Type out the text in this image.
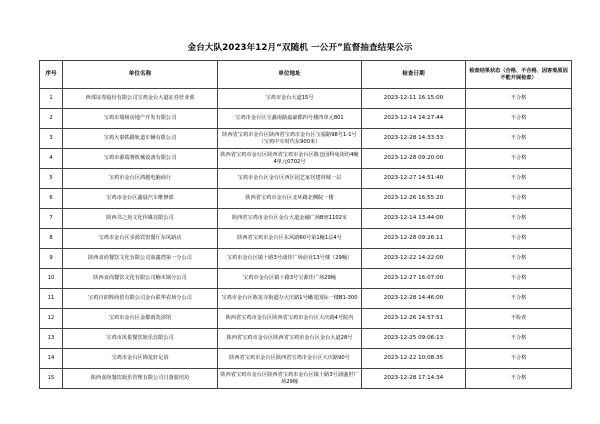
金台大队2023年12月“双随机 一公开”监督抽查结果公示
序号	单位名称	单位地址	检查日期	检查结果状态（合格、不合格、因客观原因不能开展检查）
1	西部证券股份有限公司宝鸡金台大道证券营业部	宝鸡市金台大道15号	2023-12-11 16:15:00	不合格
2	宝鸡市瑞杨房地产开发有限公司	宝鸡市金台区宝蠡南路嘉豪郡四号楼四单元801	2023-12-14 14:27:44	不合格
3	宝鸡大秦铁路轨道车辆有限公司	陕西省宝鸡市金台区陕西省宝鸡市金台区宝福路98号1-1号（宝鸡中车时代东900米）	2023-12-28 14:33:33	不合格
4	宝鸡市源瑞赛机械设备有限公司	陕西省宝鸡市金台区陕西省宝鸡市金台区陈仓园科兔街坊4幢4单元0702号	2023-12-28 09:20:00	不合格
5	宝鸡市金台区鸿越电脑商行	宝鸡市金台区金台区西区园艺家居建材城一层	2023-12-27 14:51:40	不合格
6	宝鸡市金台区鑫晨汽车维修部	陕西省宝鸡市金台区北环路北侧院一楼	2023-12-26 16:55:20	不合格
7	陕西书之苑文化传媒有限公司	陕西省宝鸡市金台区金台大道金融广场B座1102室	2023-12-14 13:44:00	不合格
8	宝鸡市金台区步源宾馆餐厅东风路店	陕西省宝鸡市金台区东风路60号第1幢1层4号	2023-12-28 09:26:11	不合格
9	陕西食尚餐饮文化有限公司血鑫湾第一分公司	宝鸡市金台区镇十路3号浦佳广场前业13号楼（29幢）	2023-12-22 14:22:00	不合格
10	陕西食尚餐饮文化有限公司楠木锅分公司	宝鸡市金台区镇十路3号宝源佳广场29幢	2023-12-27 16:07:00	不合格
11	宝鸡百润辉商贸有限公司金台联华农场分公司	宝鸡市金台区陈龙寺街道办大庆路1号蟠龙国际一楼B1-300	2023-12-28 14:46:00	不合格
12	宝鸡市金台区金都雨洗浴馆	陕西省宝鸡市金台区陕西省宝鸡市金台区大庆路4号院内	2023-12-26 14:57:51	不检查
13	宝鸡市凤悦餐饮娱乐有限公司	陕西省宝鸡市金台区陕西省宝鸡市金台区金台大道28号	2023-12-25 09:06:13	不合格
14	宝鸡市金台区锦龙轩足浴	陕西省宝鸡市金台区陕西省宝鸡市金台区大庆路90号	2023-12-22 10:08:35	不合格
15	陕西食尚餐饮娱乐管理有限公司日落旅培坊	陕西省宝鸡市金台区陕西省宝鸡市金台区镇十路3号浦盛世广场29幢	2023-12-28 17:14:34	不合格
